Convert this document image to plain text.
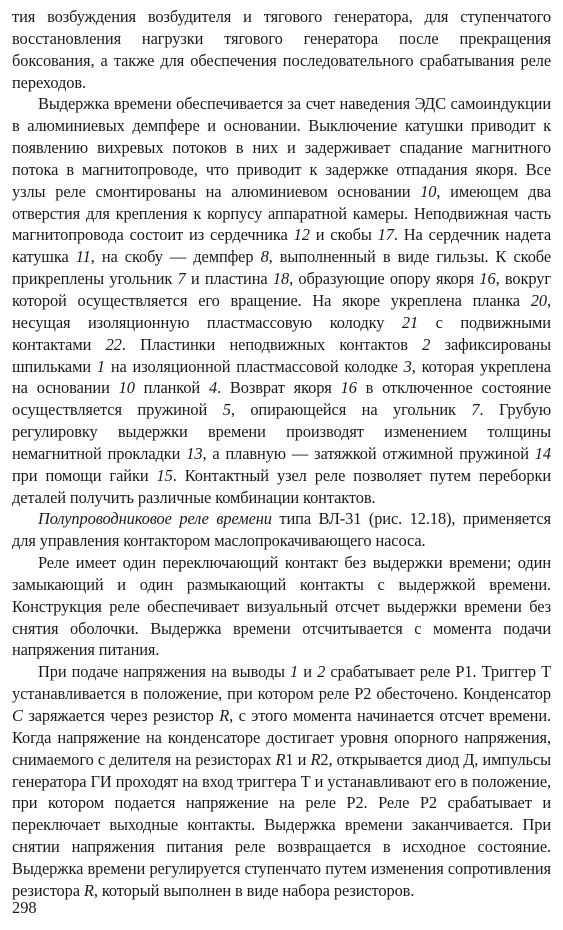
тия возбуждения возбудителя и тягового генератора, для ступенчатого восстановления нагрузки тягового генератора после прекращения боксования, а также для обеспечения последовательного срабатывания реле переходов.

Выдержка времени обеспечивается за счет наведения ЭДС самоиндукции в алюминиевых демпфере и основании. Выключение катушки приводит к появлению вихревых потоков в них и задерживает спадание магнитного потока в магнитопроводе, что приводит к задержке отпадания якоря. Все узлы реле смонтированы на алюминиевом основании 10, имеющем два отверстия для крепления к корпусу аппаратной камеры. Неподвижная часть магнитопровода состоит из сердечника 12 и скобы 17. На сердечник надета катушка 11, на скобу — демпфер 8, выполненный в виде гильзы. К скобе прикреплены угольник 7 и пластина 18, образующие опору якоря 16, вокруг которой осуществляется его вращение. На якоре укреплена планка 20, несущая изоляционную пластмассовую колодку 21 с подвижными контактами 22. Пластинки неподвижных контактов 2 зафиксированы шпильками 1 на изоляционной пластмассовой колодке 3, которая укреплена на основании 10 планкой 4. Возврат якоря 16 в отключенное состояние осуществляется пружиной 5, опирающейся на угольник 7. Грубую регулировку выдержки времени производят изменением толщины немагнитной прокладки 13, а плавную — затяжкой отжимной пружиной 14 при помощи гайки 15. Контактный узел реле позволяет путем переборки деталей получить различные комбинации контактов.

Полупроводниковое реле времени типа ВЛ-31 (рис. 12.18), применяется для управления контактором маслопрокачивающего насоса.

Реле имеет один переключающий контакт без выдержки времени; один замыкающий и один размыкающий контакты с выдержкой времени. Конструкция реле обеспечивает визуальный отсчет выдержки времени без снятия оболочки. Выдержка времени отсчитывается с момента подачи напряжения питания.

При подаче напряжения на выводы 1 и 2 срабатывает реле Р1. Триггер Т устанавливается в положение, при котором реле Р2 обесточено. Конденсатор С заряжается через резистор R, с этого момента начинается отсчет времени. Когда напряжение на конденсаторе достигает уровня опорного напряжения, снимаемого с делителя на резисторах R1 и R2, открывается диод Д, импульсы генератора ГИ проходят на вход триггера Т и устанавливают его в положение, при котором подается напряжение на реле Р2. Реле Р2 срабатывает и переключает выходные контакты. Выдержка времени заканчивается. При снятии напряжения питания реле возвращается в исходное состояние. Выдержка времени регулируется ступенчато путем изменения сопротивления резистора R, который выполнен в виде набора резисторов.

298
